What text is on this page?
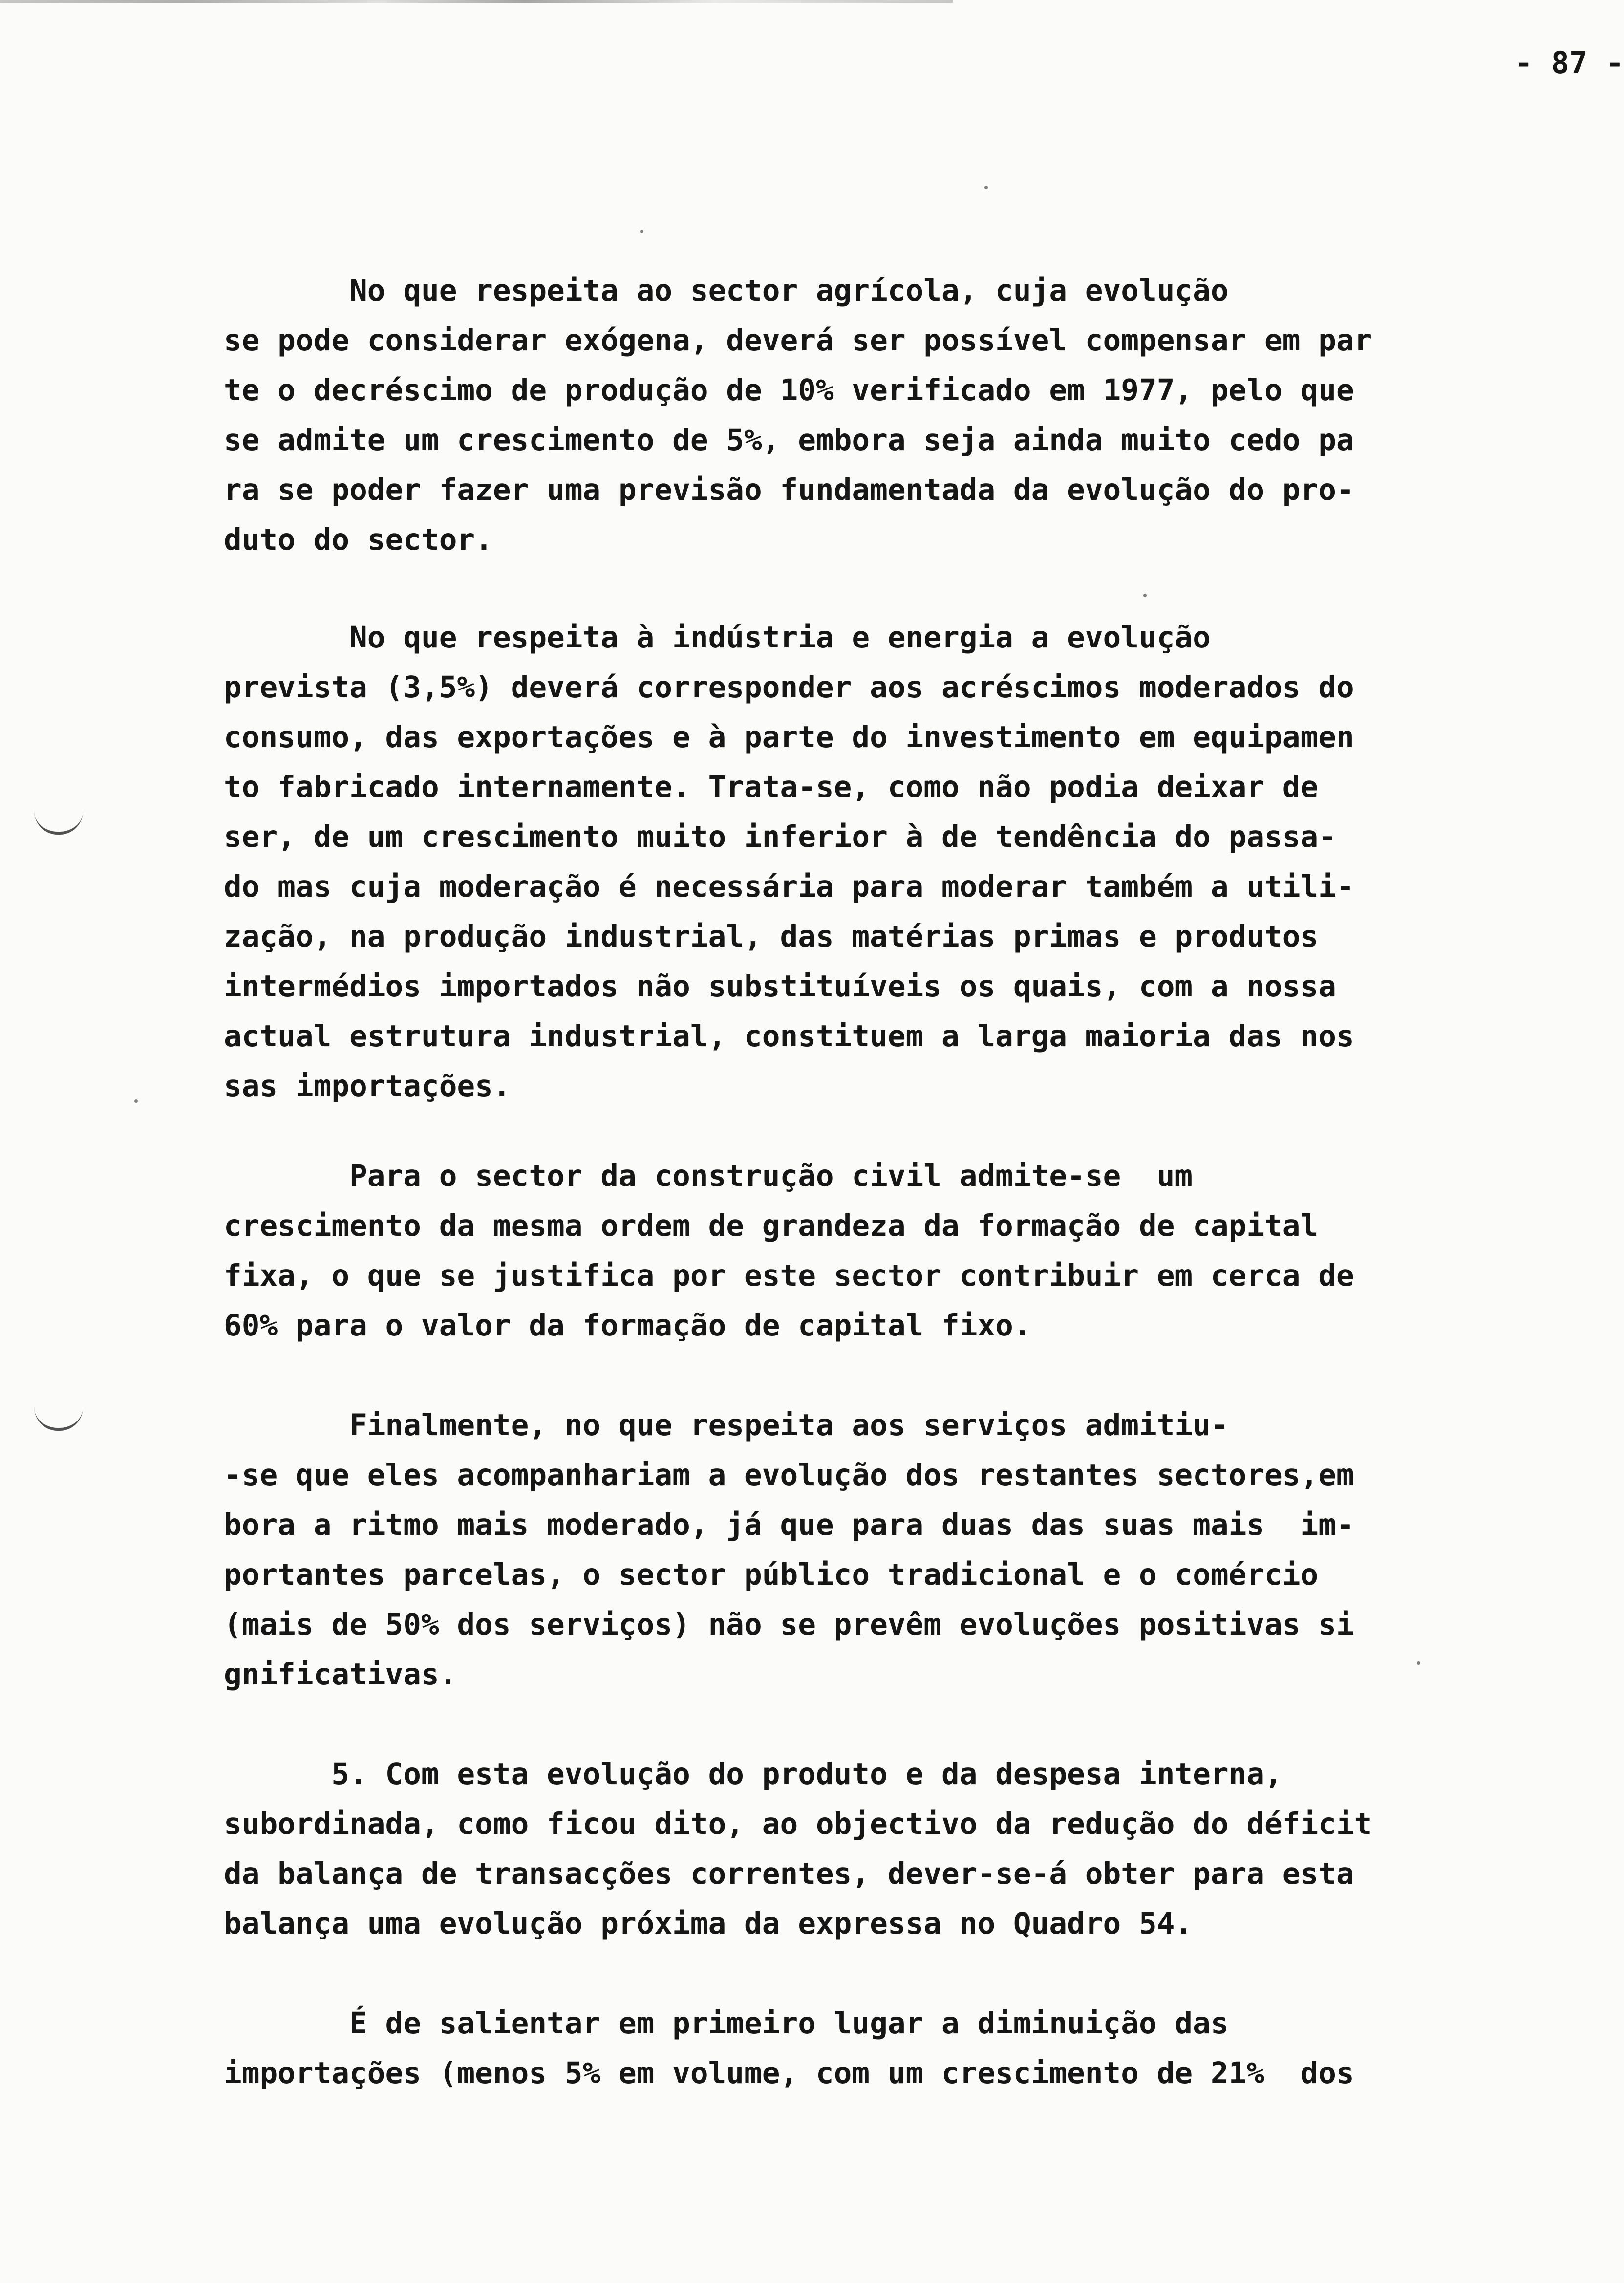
- 87 -
No que respeita ao sector agrícola, cuja evolução
se pode considerar exógena, deverá ser possível compensar em par
te o decréscimo de produção de 10% verificado em 1977, pelo que
se admite um crescimento de 5%, embora seja ainda muito cedo pa
ra se poder fazer uma previsão fundamentada da evolução do pro-
duto do sector.
No que respeita à indústria e energia a evolução
prevista (3,5%) deverá corresponder aos acréscimos moderados do
consumo, das exportações e à parte do investimento em equipamen
to fabricado internamente. Trata-se, como não podia deixar de
ser, de um crescimento muito inferior à de tendência do passa-
do mas cuja moderação é necessária para moderar também a utili-
zação, na produção industrial, das matérias primas e produtos
intermédios importados não substituíveis os quais, com a nossa
actual estrutura industrial, constituem a larga maioria das nos
sas importações.
Para o sector da construção civil admite-se  um
crescimento da mesma ordem de grandeza da formação de capital
fixa, o que se justifica por este sector contribuir em cerca de
60% para o valor da formação de capital fixo.
Finalmente, no que respeita aos serviços admitiu-
-se que eles acompanhariam a evolução dos restantes sectores,em
bora a ritmo mais moderado, já que para duas das suas mais  im-
portantes parcelas, o sector público tradicional e o comércio
(mais de 50% dos serviços) não se prevêm evoluções positivas si
gnificativas.
5. Com esta evolução do produto e da despesa interna,
subordinada, como ficou dito, ao objectivo da redução do déficit
da balança de transacções correntes, dever-se-á obter para esta
balança uma evolução próxima da expressa no Quadro 54.
É de salientar em primeiro lugar a diminuição das
importações (menos 5% em volume, com um crescimento de 21%  dos
